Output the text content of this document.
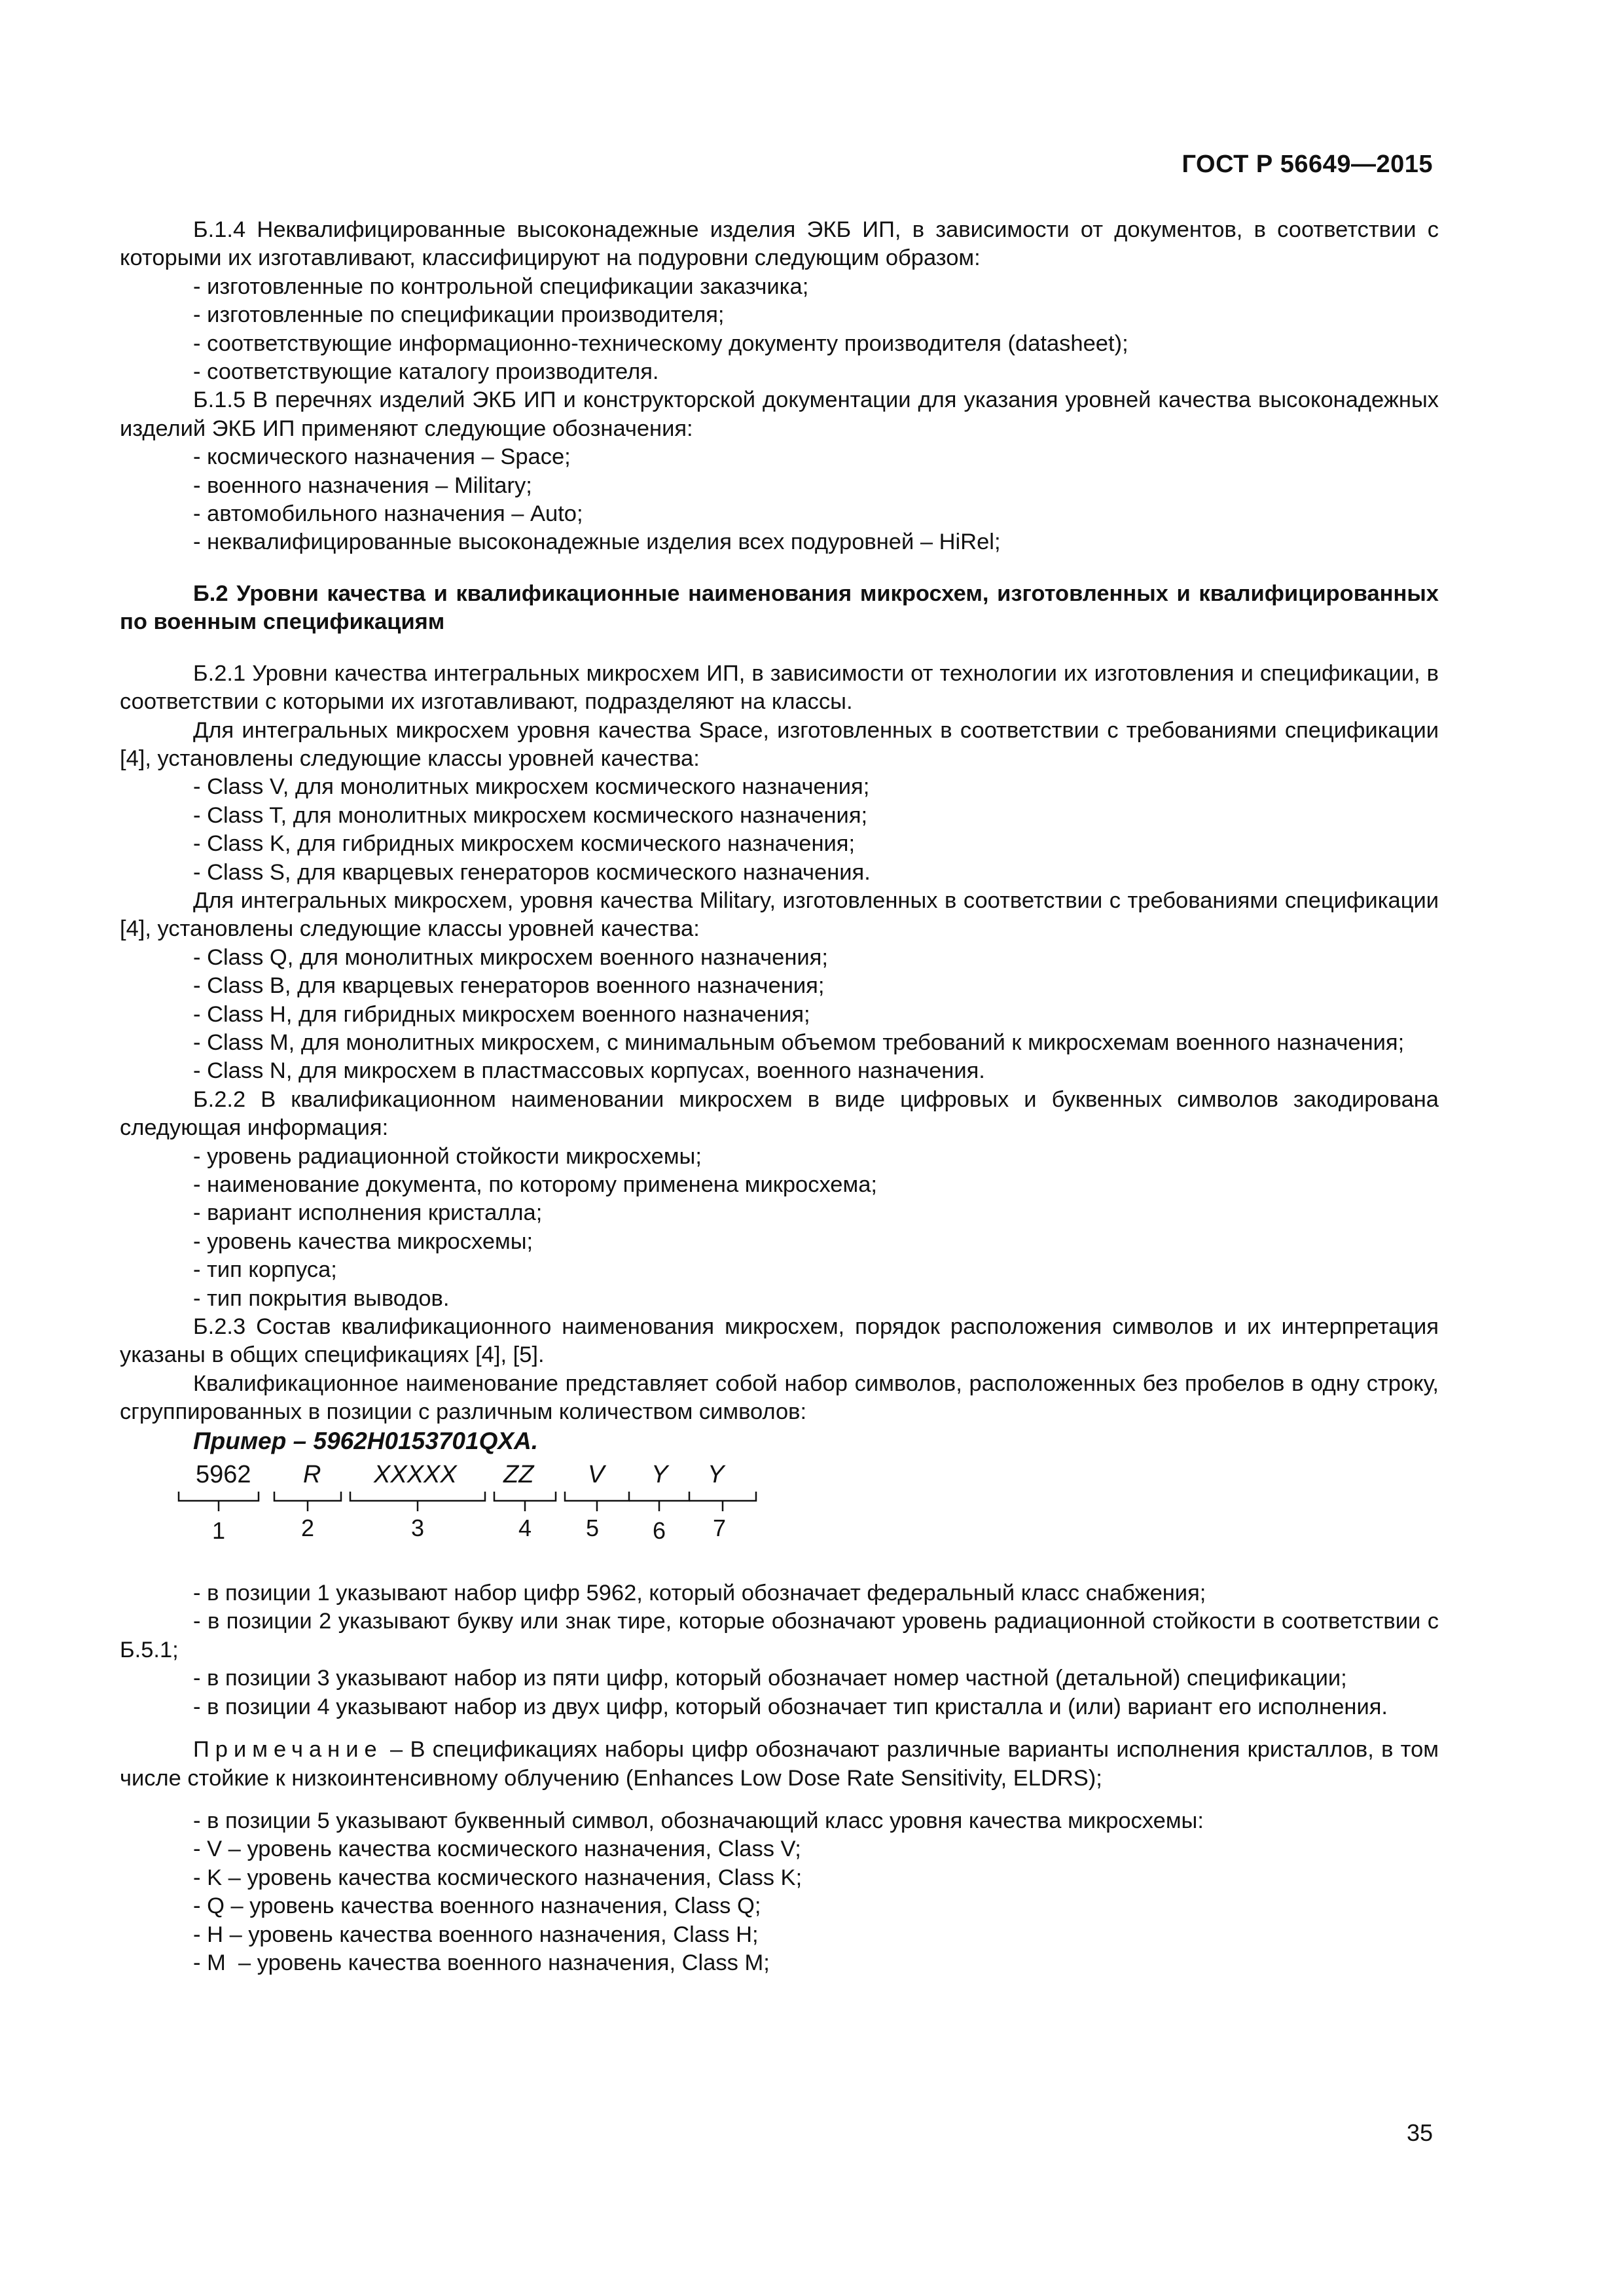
ГОСТ Р 56649—2015

Б.1.4 Неквалифицированные высоконадежные изделия ЭКБ ИП, в зависимости от документов, в соответствии с которыми их изготавливают, классифицируют на подуровни следующим образом:

- изготовленные по контрольной спецификации заказчика;

- изготовленные по спецификации производителя;

- соответствующие информационно-техническому документу производителя (datasheet);

- соответствующие каталогу производителя.

Б.1.5 В перечнях изделий ЭКБ ИП и конструкторской документации для указания уровней качества высоконадежных изделий ЭКБ ИП применяют следующие обозначения:

- космического назначения – Space;

- военного назначения – Military;

- автомобильного назначения – Auto;

- неквалифицированные высоконадежные изделия всех подуровней – HiRel;

Б.2 Уровни качества и квалификационные наименования микросхем, изготовленных и квалифицированных по военным спецификациям

Б.2.1 Уровни качества интегральных микросхем ИП, в зависимости от технологии их изготовления и спецификации, в соответствии с которыми их изготавливают, подразделяют на классы.

Для интегральных микросхем уровня качества Space, изготовленных в соответствии с требованиями спецификации [4], установлены следующие классы уровней качества:

- Class V, для монолитных микросхем космического назначения;

- Class T, для монолитных микросхем космического назначения;

- Class K, для гибридных микросхем космического назначения;

- Class S, для кварцевых генераторов космического назначения.

Для интегральных микросхем, уровня качества Military, изготовленных в соответствии с требованиями спецификации [4], установлены следующие классы уровней качества:

- Class Q, для монолитных микросхем военного назначения;

- Class B, для кварцевых генераторов военного назначения;

- Class H, для гибридных микросхем военного назначения;

- Class M, для монолитных микросхем, с минимальным объемом требований к микросхемам военного назначения;

- Class N, для микросхем в пластмассовых корпусах, военного назначения.

Б.2.2 В квалификационном наименовании микросхем в виде цифровых и буквенных символов закодирована следующая информация:

- уровень радиационной стойкости микросхемы;

- наименование документа, по которому применена микросхема;

- вариант исполнения кристалла;

- уровень качества микросхемы;

- тип корпуса;

- тип покрытия выводов.

Б.2.3 Состав квалификационного наименования микросхем, порядок расположения символов и их интерпретация указаны в общих спецификациях [4], [5].

Квалификационное наименование представляет собой набор символов, расположенных без пробелов в одну строку, сгруппированных в позиции с различным количеством символов:

Пример – 5962H0153701QXA.

5962 R XXXXX ZZ V Y Y
1	2	3	4 5 6 7

- в позиции 1 указывают набор цифр 5962, который обозначает федеральный класс снабжения;

- в позиции 2 указывают букву или знак тире, которые обозначают уровень радиационной стойкости в соответствии с Б.5.1;

- в позиции 3 указывают набор из пяти цифр, который обозначает номер частной (детальной) спецификации;

- в позиции 4 указывают набор из двух цифр, который обозначает тип кристалла и (или) вариант его исполнения.

Примечание – В спецификациях наборы цифр обозначают различные варианты исполнения кристаллов, в том числе стойкие к низкоинтенсивному облучению (Enhances Low Dose Rate Sensitivity, ELDRS);

- в позиции 5 указывают буквенный символ, обозначающий класс уровня качества микросхемы:

- V – уровень качества космического назначения, Class V;

- K – уровень качества космического назначения, Class K;

- Q – уровень качества военного назначения, Class Q;

- H – уровень качества военного назначения, Class H;

- M  – уровень качества военного назначения, Class M;

35
